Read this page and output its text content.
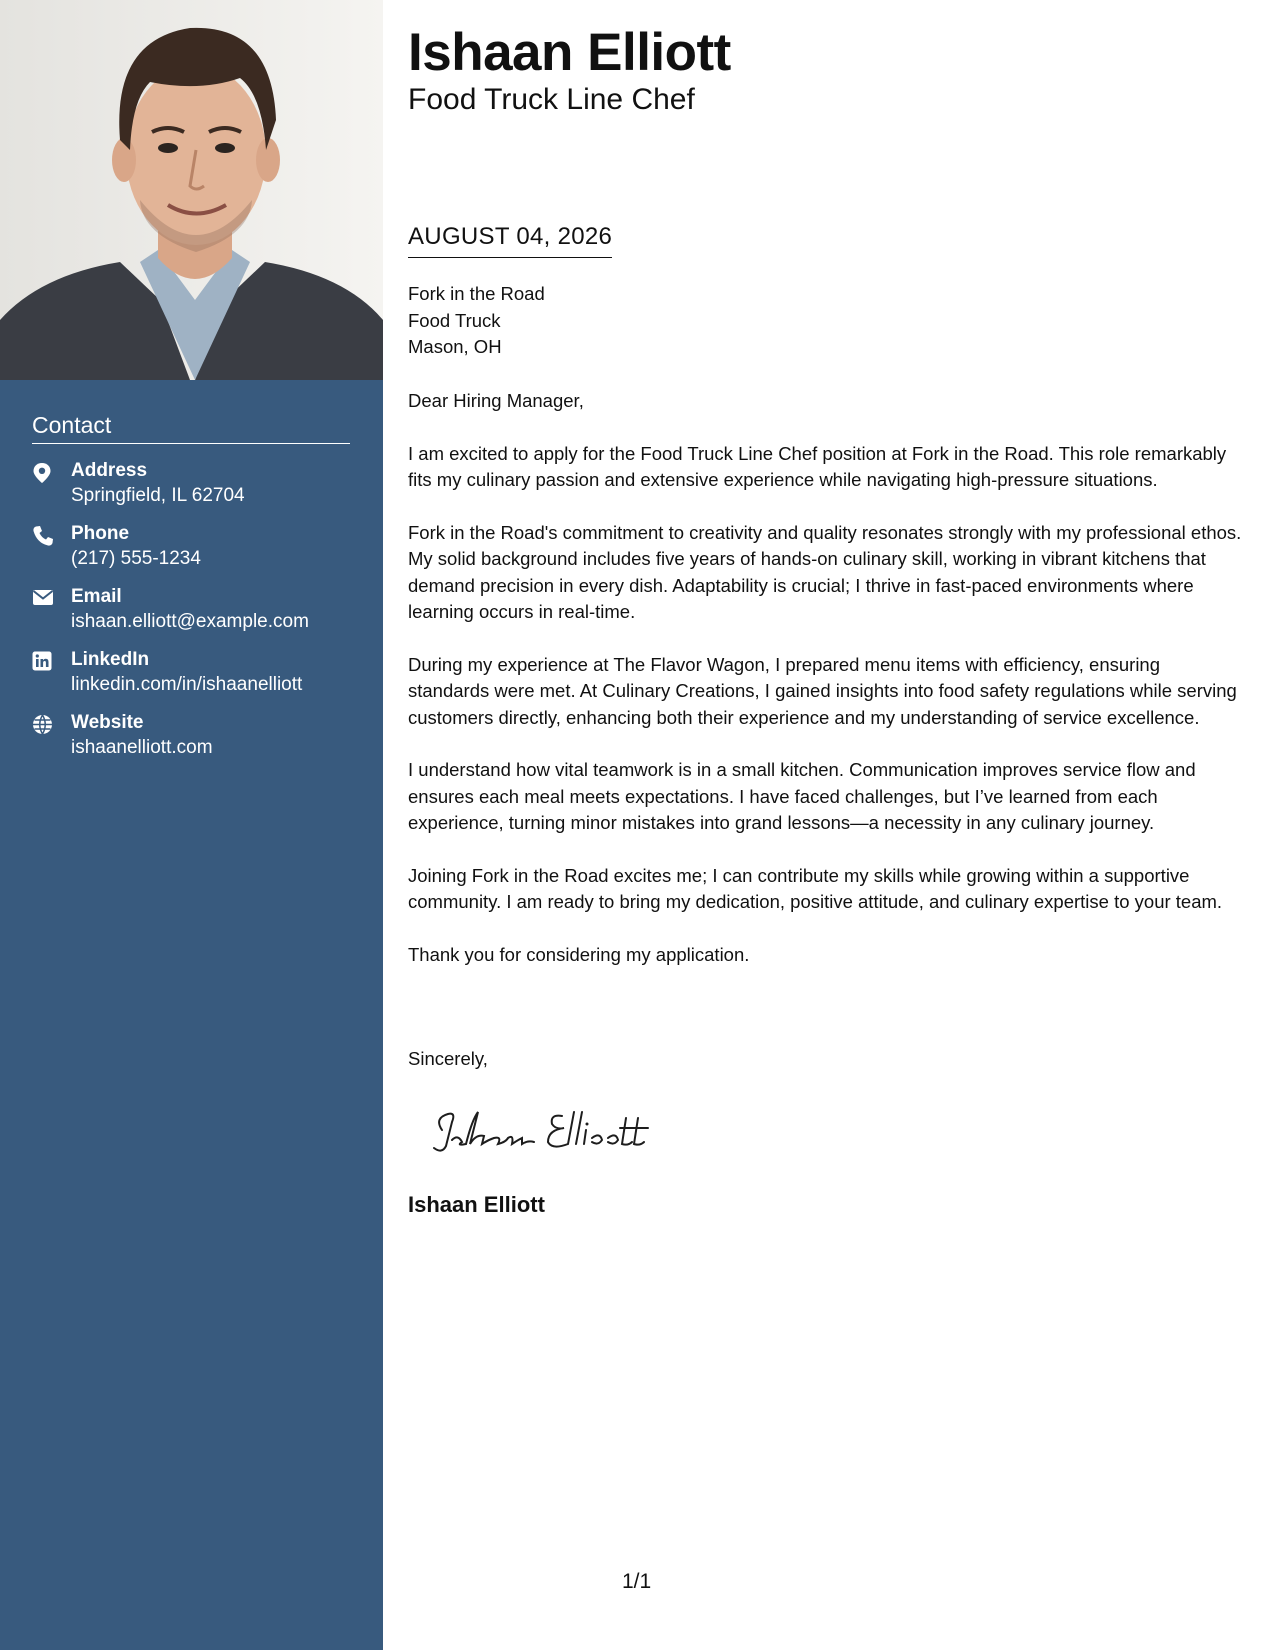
Contact
Address
Springfield, IL 62704
Phone
(217) 555-1234
Email
ishaan.elliott@example.com
LinkedIn
linkedin.com/in/ishaanelliott
Website
ishaanelliott.com
Ishaan Elliott
Food Truck Line Chef
AUGUST 04, 2026
Fork in the Road
Food Truck
Mason, OH

Dear Hiring Manager,

I am excited to apply for the Food Truck Line Chef position at Fork in the Road. This role remarkably fits my culinary passion and extensive experience while navigating high-pressure situations.

Fork in the Road's commitment to creativity and quality resonates strongly with my professional ethos. My solid background includes five years of hands-on culinary skill, working in vibrant kitchens that demand precision in every dish. Adaptability is crucial; I thrive in fast-paced environments where learning occurs in real-time.

During my experience at The Flavor Wagon, I prepared menu items with efficiency, ensuring standards were met. At Culinary Creations, I gained insights into food safety regulations while serving customers directly, enhancing both their experience and my understanding of service excellence.

I understand how vital teamwork is in a small kitchen. Communication improves service flow and ensures each meal meets expectations. I have faced challenges, but I’ve learned from each experience, turning minor mistakes into grand lessons—a necessity in any culinary journey.

Joining Fork in the Road excites me; I can contribute my skills while growing within a supportive community. I am ready to bring my dedication, positive attitude, and culinary expertise to your team.

Thank you for considering my application.

Sincerely,
Ishaan Elliott
1/1
